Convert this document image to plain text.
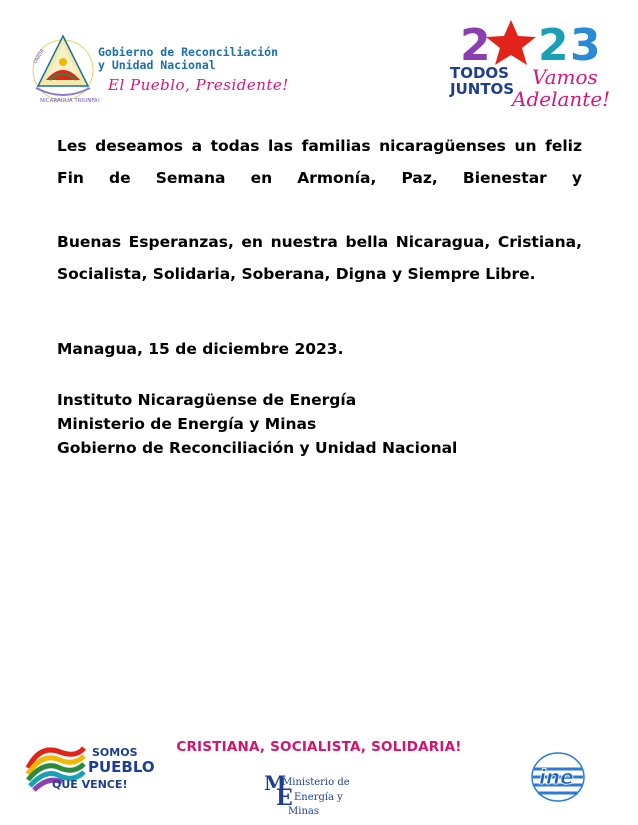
UNIDA
NICARAGUA TRIUNFA!
Gobierno de Reconciliación
y Unidad Nacional
El Pueblo, Presidente!
2 2 3
TODOS
JUNTOS Vamos
Adelante!

Les deseamos a todas las familias nicaragüenses un feliz Fin de Semana en Armonía, Paz, Bienestar y

Buenas Esperanzas, en nuestra bella Nicaragua, Cristiana, Socialista, Solidaria, Soberana, Digna y Siempre Libre.

Managua, 15 de diciembre 2023.
Instituto Nicaragüense de Energía
Ministerio de Energía y Minas
Gobierno de Reconciliación y Unidad Nacional
SOMOS
PUEBLO
QUE VENCE!
CRISTIANA, SOCIALISTA, SOLIDARIA!
M
Ministerio de
E Energía y
Minas
ine
